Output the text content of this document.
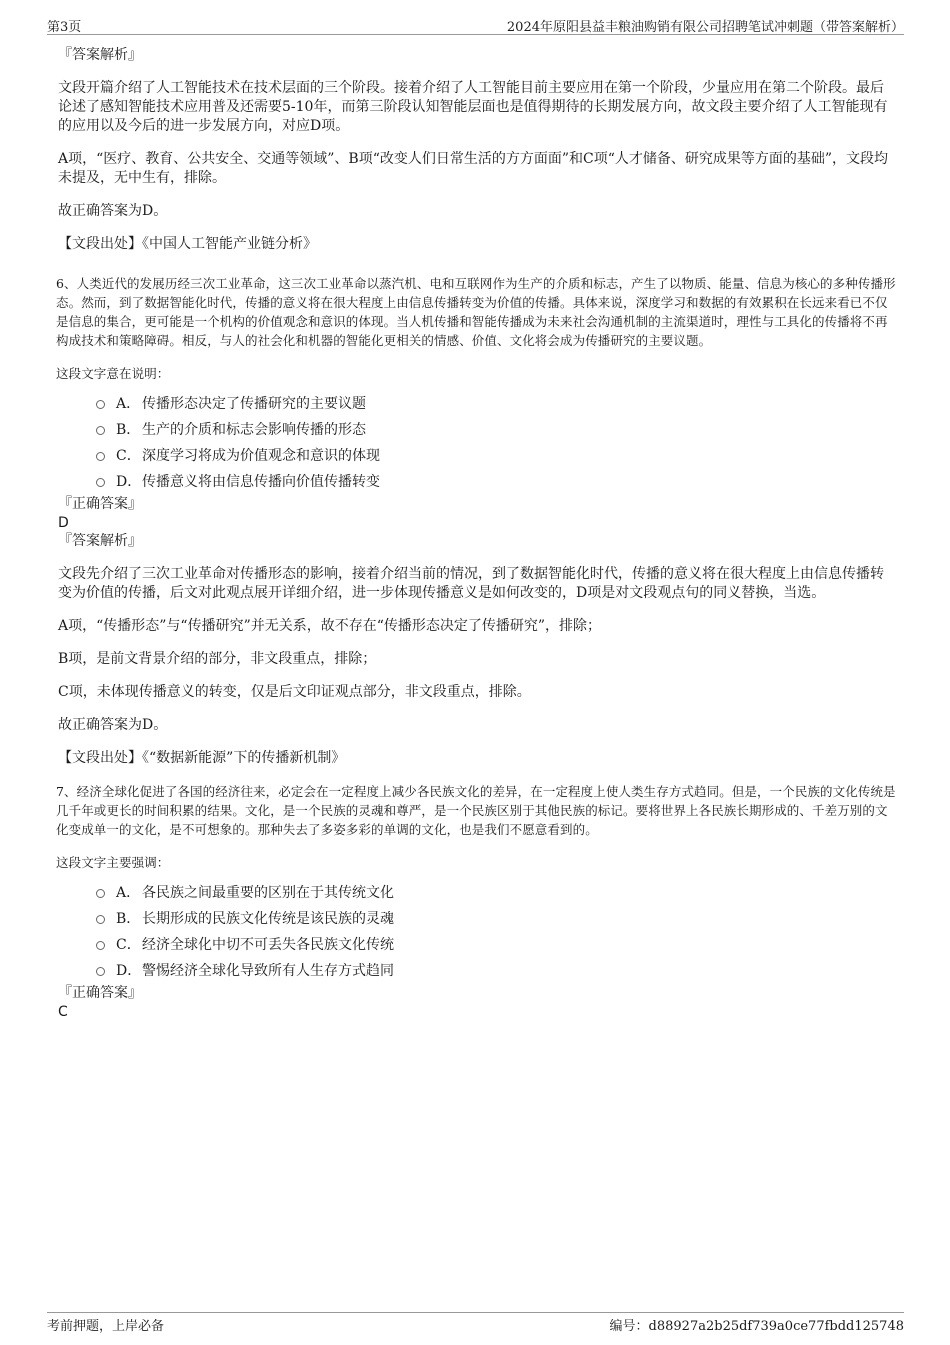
第3页	2024年原阳县益丰粮油购销有限公司招聘笔试冲刺题（带答案解析）
『答案解析』

文段开篇介绍了人工智能技术在技术层面的三个阶段。接着介绍了人工智能目前主要应用在第一个阶段，少量应用在第二个阶段。最后论述了感知智能技术应用普及还需要5-10年，而第三阶段认知智能层面也是值得期待的长期发展方向，故文段主要介绍了人工智能现有的应用以及今后的进一步发展方向，对应D项。

A项，“医疗、教育、公共安全、交通等领域”、B项“改变人们日常生活的方方面面”和C项“人才储备、研究成果等方面的基础”，文段均未提及，无中生有，排除。

故正确答案为D。

【文段出处】《中国人工智能产业链分析》

6、人类近代的发展历经三次工业革命，这三次工业革命以蒸汽机、电和互联网作为生产的介质和标志，产生了以物质、能量、信息为核心的多种传播形态。然而，到了数据智能化时代，传播的意义将在很大程度上由信息传播转变为价值的传播。具体来说，深度学习和数据的有效累积在长远来看已不仅是信息的集合，更可能是一个机构的价值观念和意识的体现。当人机传播和智能传播成为未来社会沟通机制的主流渠道时，理性与工具化的传播将不再构成技术和策略障碍。相反，与人的社会化和机器的智能化更相关的情感、价值、文化将会成为传播研究的主要议题。

这段文字意在说明：

A． 传播形态决定了传播研究的主要议题
B． 生产的介质和标志会影响传播的形态
C．深度学习将成为价值观念和意识的体现
D．传播意义将由信息传播向价值传播转变
『正确答案』
D
『答案解析』

文段先介绍了三次工业革命对传播形态的影响，接着介绍当前的情况，到了数据智能化时代，传播的意义将在很大程度上由信息传播转变为价值的传播，后文对此观点展开详细介绍，进一步体现传播意义是如何改变的，D项是对文段观点句的同义替换，当选。

A项，“传播形态”与“传播研究”并无关系，故不存在“传播形态决定了传播研究”，排除；

B项，是前文背景介绍的部分，非文段重点，排除；

C项，未体现传播意义的转变，仅是后文印证观点部分，非文段重点，排除。

故正确答案为D。

【文段出处】《“数据新能源”下的传播新机制》

7、经济全球化促进了各国的经济往来，必定会在一定程度上减少各民族文化的差异，在一定程度上使人类生存方式趋同。但是，一个民族的文化传统是几千年或更长的时间积累的结果。文化，是一个民族的灵魂和尊严，是一个民族区别于其他民族的标记。要将世界上各民族长期形成的、千差万别的文化变成单一的文化，是不可想象的。那种失去了多姿多彩的单调的文化，也是我们不愿意看到的。

这段文字主要强调：

A． 各民族之间最重要的区别在于其传统文化
B． 长期形成的民族文化传统是该民族的灵魂
C．经济全球化中切不可丢失各民族文化传统
D．警惕经济全球化导致所有人生存方式趋同
『正确答案』
C
考前押题，上岸必备	编号：d88927a2b25df739a0ce77fbdd125748
